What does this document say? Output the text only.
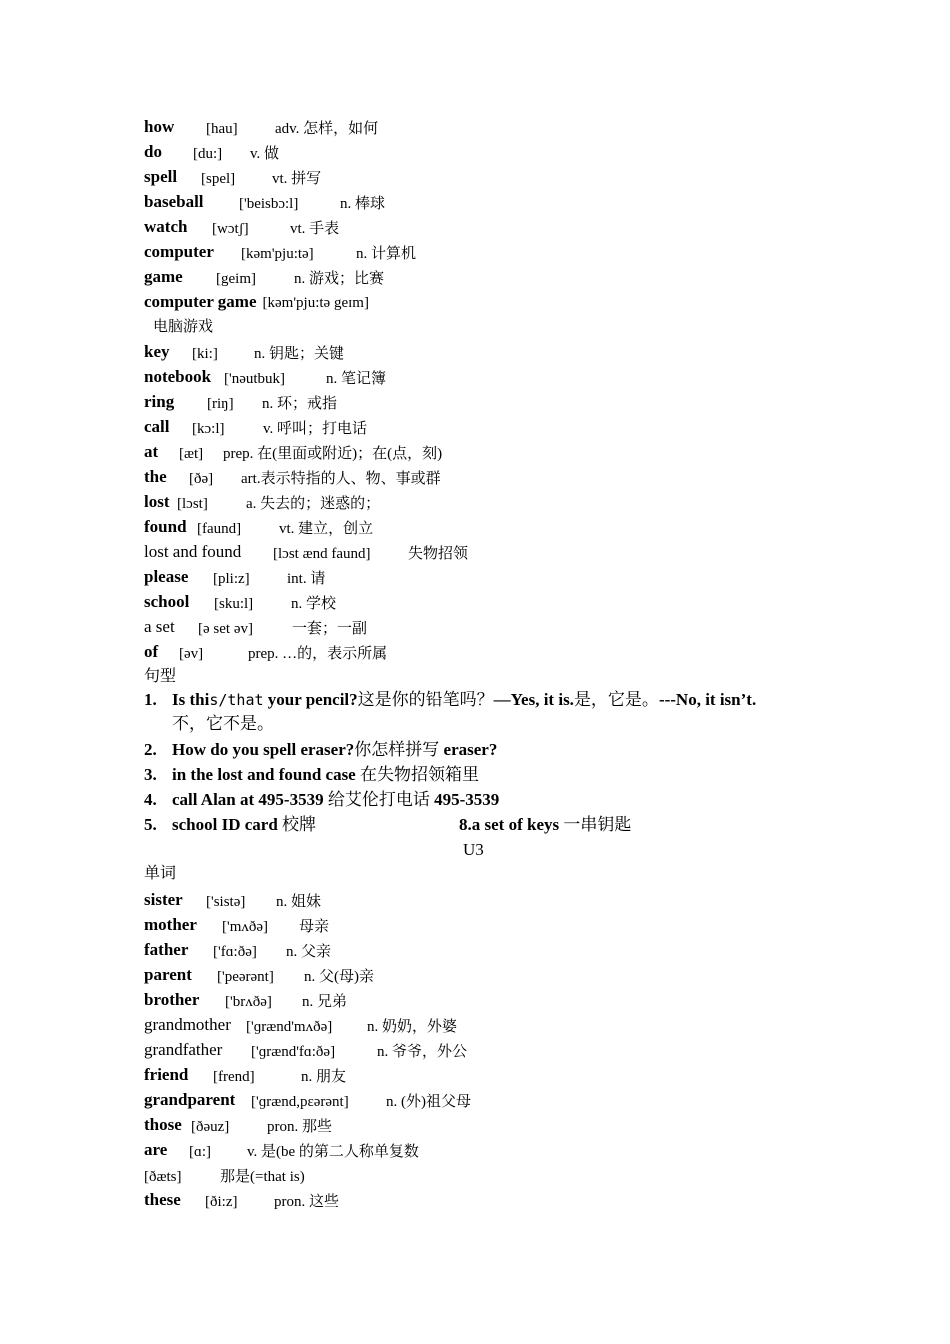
how [hau] adv. 怎样，如何
do [du:] v. 做
spell [spel] vt. 拼写
baseball ['beisbɔ:l]	n. 棒球
watch [wɔtʃ]	vt. 手表
computer [kəm'pju:tə]	n. 计算机
game [geim]	n. 游戏；比赛
computer game [kəm'pju:tə geɪm]
电脑游戏
key [ki:] n. 钥匙；关键
notebook ['nəutbuk]	n. 笔记簿
ring [riŋ] n. 环；戒指
call [kɔ:l]	v. 呼叫；打电话
at [æt] prep. 在(里面或附近)；在(点，刻)
the [ðə] art.表示特指的人、物、事或群
lost [lɔst]	a. 失去的；迷惑的；
found [faund]	vt. 建立，创立
lost and found [lɔst ænd faund]	失物招领
please [pli:z] int. 请
school [sku:l]	n. 学校
a set [ə set əv]	一套；一副
of [əv]	prep. …的，表示所属
句型
1. Is this/that your pencil?这是你的铅笔吗？—Yes, it is.是，它是。---No, it isn’t.
不，它不是。
2. How do you spell eraser?你怎样拼写 eraser?
3. in the lost and found case 在失物招领箱里
4. call Alan at 495-3539 给艾伦打电话 495-3539
5. school ID card 校牌	8.a set of keys 一串钥匙
U3
单词
sister ['sistə] n. 姐妹
mother ['mʌðə] 母亲
father ['fɑ:ðə] n. 父亲
parent ['peərənt] n. 父(母)亲
brother ['brʌðə] n. 兄弟
grandmother ['ɡrænd'mʌðə] n. 奶奶，外婆
grandfather ['ɡrænd'fɑ:ðə]	n. 爷爷，外公
friend [frend]	n. 朋友
grandparent ['ɡrænd,pɛərənt] n. (外)祖父母
those [ðəuz]	pron. 那些
are [ɑ:] v. 是(be 的第二人称单复数
[ðæts]	那是(=that is)
these [ði:z] pron. 这些
